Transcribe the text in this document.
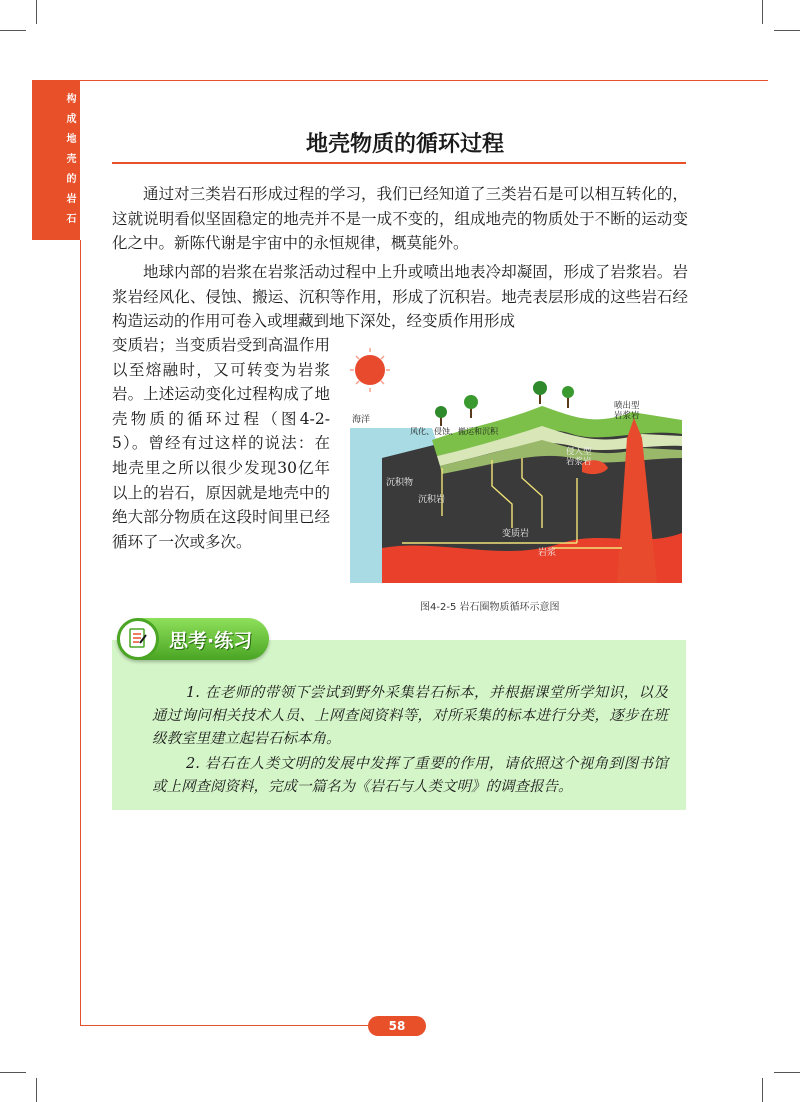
构成地壳的岩石	地壳物质的循环过程

通过对三类岩石形成过程的学习，我们已经知道了三类岩石是可以相互转化的，这就说明看似坚固稳定的地壳并不是一成不变的，组成地壳的物质处于不断的运动变化之中。新陈代谢是宇宙中的永恒规律，概莫能外。

地球内部的岩浆在岩浆活动过程中上升或喷出地表冷却凝固，形成了岩浆岩。岩浆岩经风化、侵蚀、搬运、沉积等作用，形成了沉积岩。地壳表层形成的这些岩石经构造运动的作用可卷入或埋藏到地下深处，经变质作用形成

变质岩；当变质岩受到高温作用以至熔融时，又可转变为岩浆岩。上述运动变化过程构成了地壳物质的循环过程（图4-2-5）。曾经有过这样的说法：在地壳里之所以很少发现30亿年以上的岩石，原因就是地壳中的绝大部分物质在这段时间里已经循环了一次或多次。

海洋
风化、侵蚀、搬运和沉积
喷出型
岩浆岩
侵入型
岩浆岩
沉积物
沉积岩
变质岩
岩浆
图4-2-5 岩石圈物质循环示意图
思考·练习

1. 在老师的带领下尝试到野外采集岩石标本，并根据课堂所学知识，以及通过询问相关技术人员、上网查阅资料等，对所采集的标本进行分类，逐步在班级教室里建立起岩石标本角。

2. 岩石在人类文明的发展中发挥了重要的作用，请依照这个视角到图书馆或上网查阅资料，完成一篇名为《岩石与人类文明》的调查报告。

58
